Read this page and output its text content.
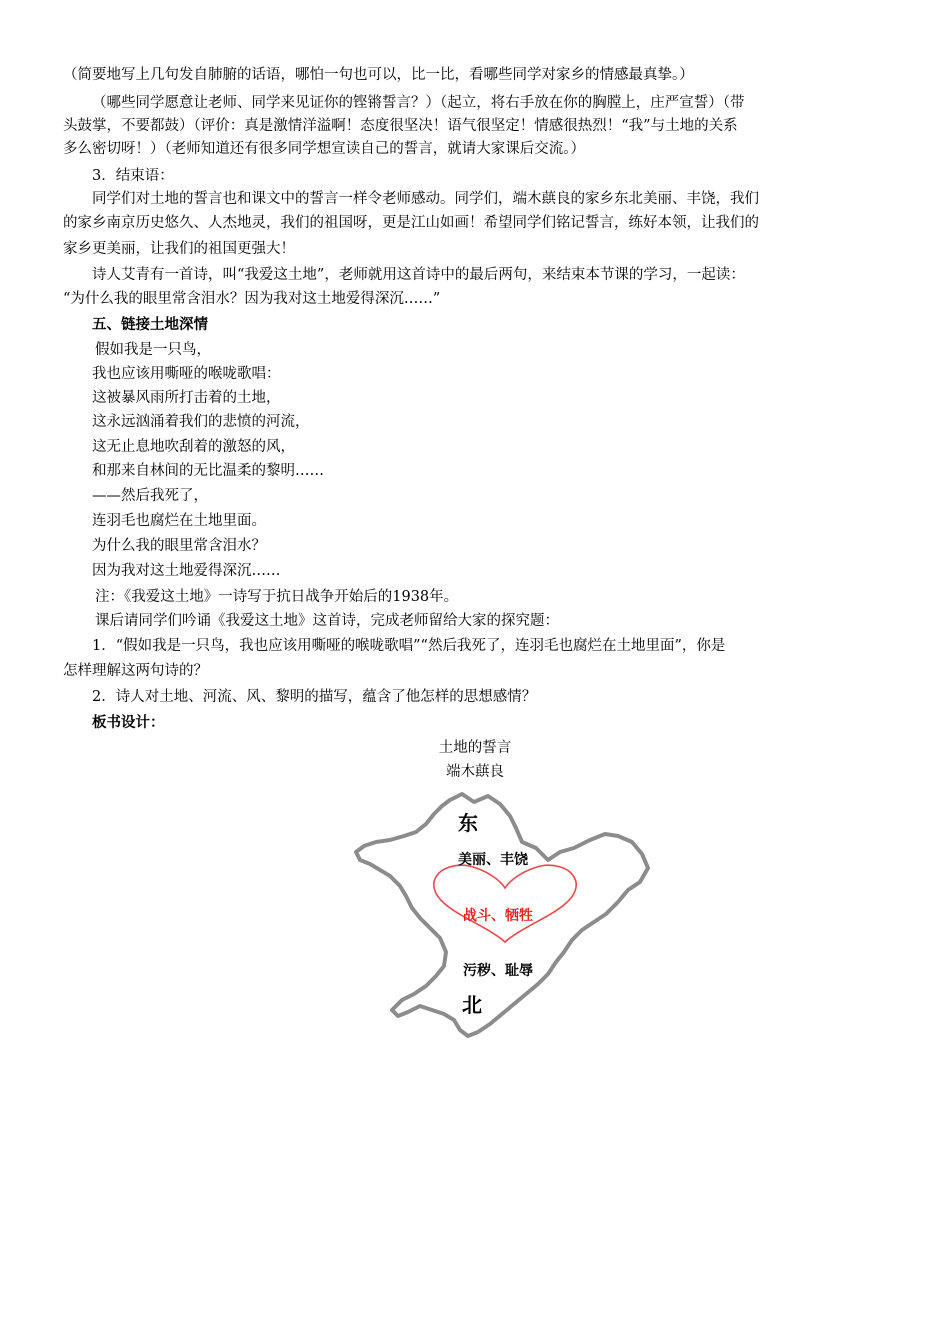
（简要地写上几句发自肺腑的话语，哪怕一句也可以，比一比，看哪些同学对家乡的情感最真挚。）
（哪些同学愿意让老师、同学来见证你的铿锵誓言？）（起立，将右手放在你的胸膛上，庄严宣誓）（带
头鼓掌，不要都鼓）（评价：真是激情洋溢啊！态度很坚决！语气很坚定！情感很热烈！“我”与土地的关系
多么密切呀！）（老师知道还有很多同学想宣读自己的誓言，就请大家课后交流。）
3．结束语：
同学们对土地的誓言也和课文中的誓言一样令老师感动。同学们，端木蕻良的家乡东北美丽、丰饶，我们
的家乡南京历史悠久、人杰地灵，我们的祖国呀，更是江山如画！希望同学们铭记誓言，练好本领，让我们的
家乡更美丽，让我们的祖国更强大！
诗人艾青有一首诗，叫“我爱这土地”，老师就用这首诗中的最后两句，来结束本节课的学习，一起读：
“为什么我的眼里常含泪水？因为我对这土地爱得深沉……”
五、链接土地深情
假如我是一只鸟，
我也应该用嘶哑的喉咙歌唱：
这被暴风雨所打击着的土地，
这永远汹涌着我们的悲愤的河流，
这无止息地吹刮着的激怒的风，
和那来自林间的无比温柔的黎明……
——然后我死了，
连羽毛也腐烂在土地里面。
为什么我的眼里常含泪水？
因为我对这土地爱得深沉……
注：《我爱这土地》一诗写于抗日战争开始后的1938年。
课后请同学们吟诵《我爱这土地》这首诗，完成老师留给大家的探究题：
1．“假如我是一只鸟，我也应该用嘶哑的喉咙歌唱”“然后我死了，连羽毛也腐烂在土地里面”，你是
怎样理解这两句诗的？
2．诗人对土地、河流、风、黎明的描写，蕴含了他怎样的思想感情？
板书设计：
土地的誓言
端木蕻良
东
美丽、丰饶
战斗、牺牲
污秽、耻辱
北
